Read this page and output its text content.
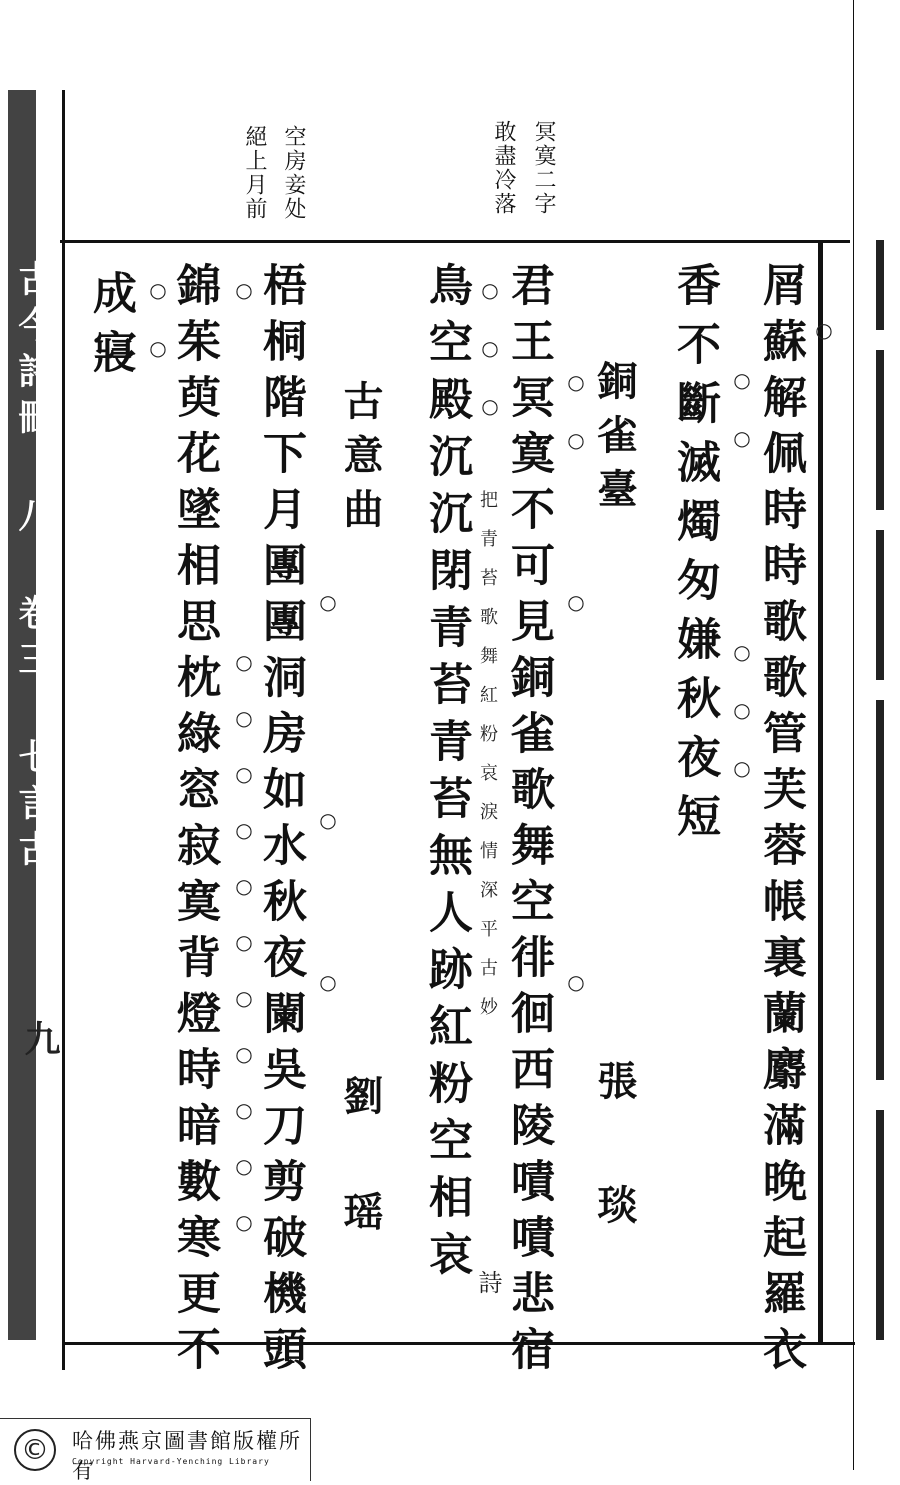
古今詩刪 八 卷三 七言古
九
冥寞二字
敢盡冷落
空房妾处
絕上月前
屑蘇解佩時時歌歌管芙蓉帳裏蘭麝滿晚起羅衣
香不斷滅燭匆嫌秋夜短
銅雀臺
張　琰
君王冥寞不可見銅雀歌舞空徘徊西陵嘖嘖悲宿
把青苔歌舞紅粉哀淚情深平古妙
詩
鳥空殿沉沉閉青苔青苔無人跡紅粉空相哀
古意曲
劉　瑶
梧桐階下月團團洞房如水秋夜闌吳刀剪破機頭
錦茱萸花墜相思枕綠窓寂寞背燈時暗數寒更不
成寢	○
○○
○○○
○○
○
○
○○○
○
○
○
○
○○○○○○○○○○○
○○
©	哈佛燕京圖書館版權所有
Copyright Harvard-Yenching Library
